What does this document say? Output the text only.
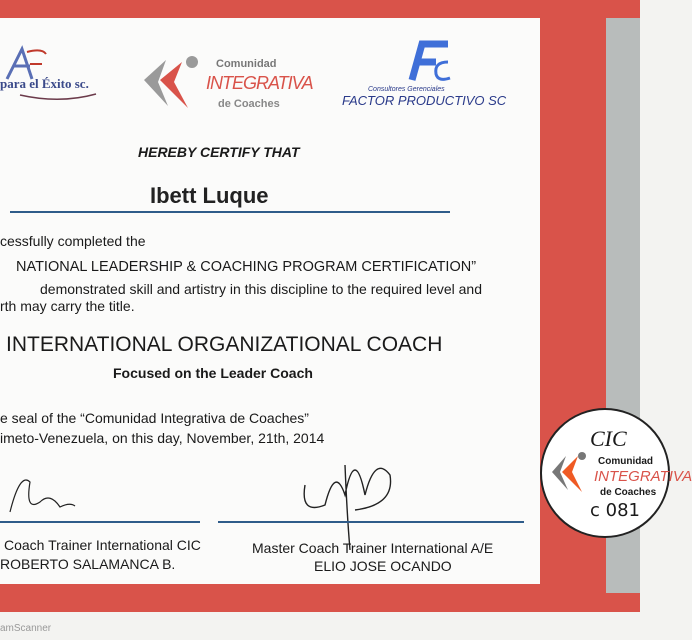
para el Éxito sc.
Comunidad
INTEGRATIVA
de Coaches
Consultores Gerenciales
FACTOR PRODUCTIVO SC
HEREBY CERTIFY THAT
Ibett Luque
cessfully completed the
NATIONAL LEADERSHIP & COACHING PROGRAM CERTIFICATION”
demonstrated skill and artistry in this discipline to the required level and
rth may carry the title.
INTERNATIONAL ORGANIZATIONAL COACH
Focused on the Leader Coach
e seal of the “Comunidad Integrativa de Coaches”
imeto-Venezuela, on this day, November, 21th, 2014
Coach Trainer International CIC
ROBERTO SALAMANCA B.
Master Coach Trainer International A/E
ELIO JOSE OCANDO
CIC
Comunidad
INTEGRATIVA
de Coaches
c 081
amScanner
